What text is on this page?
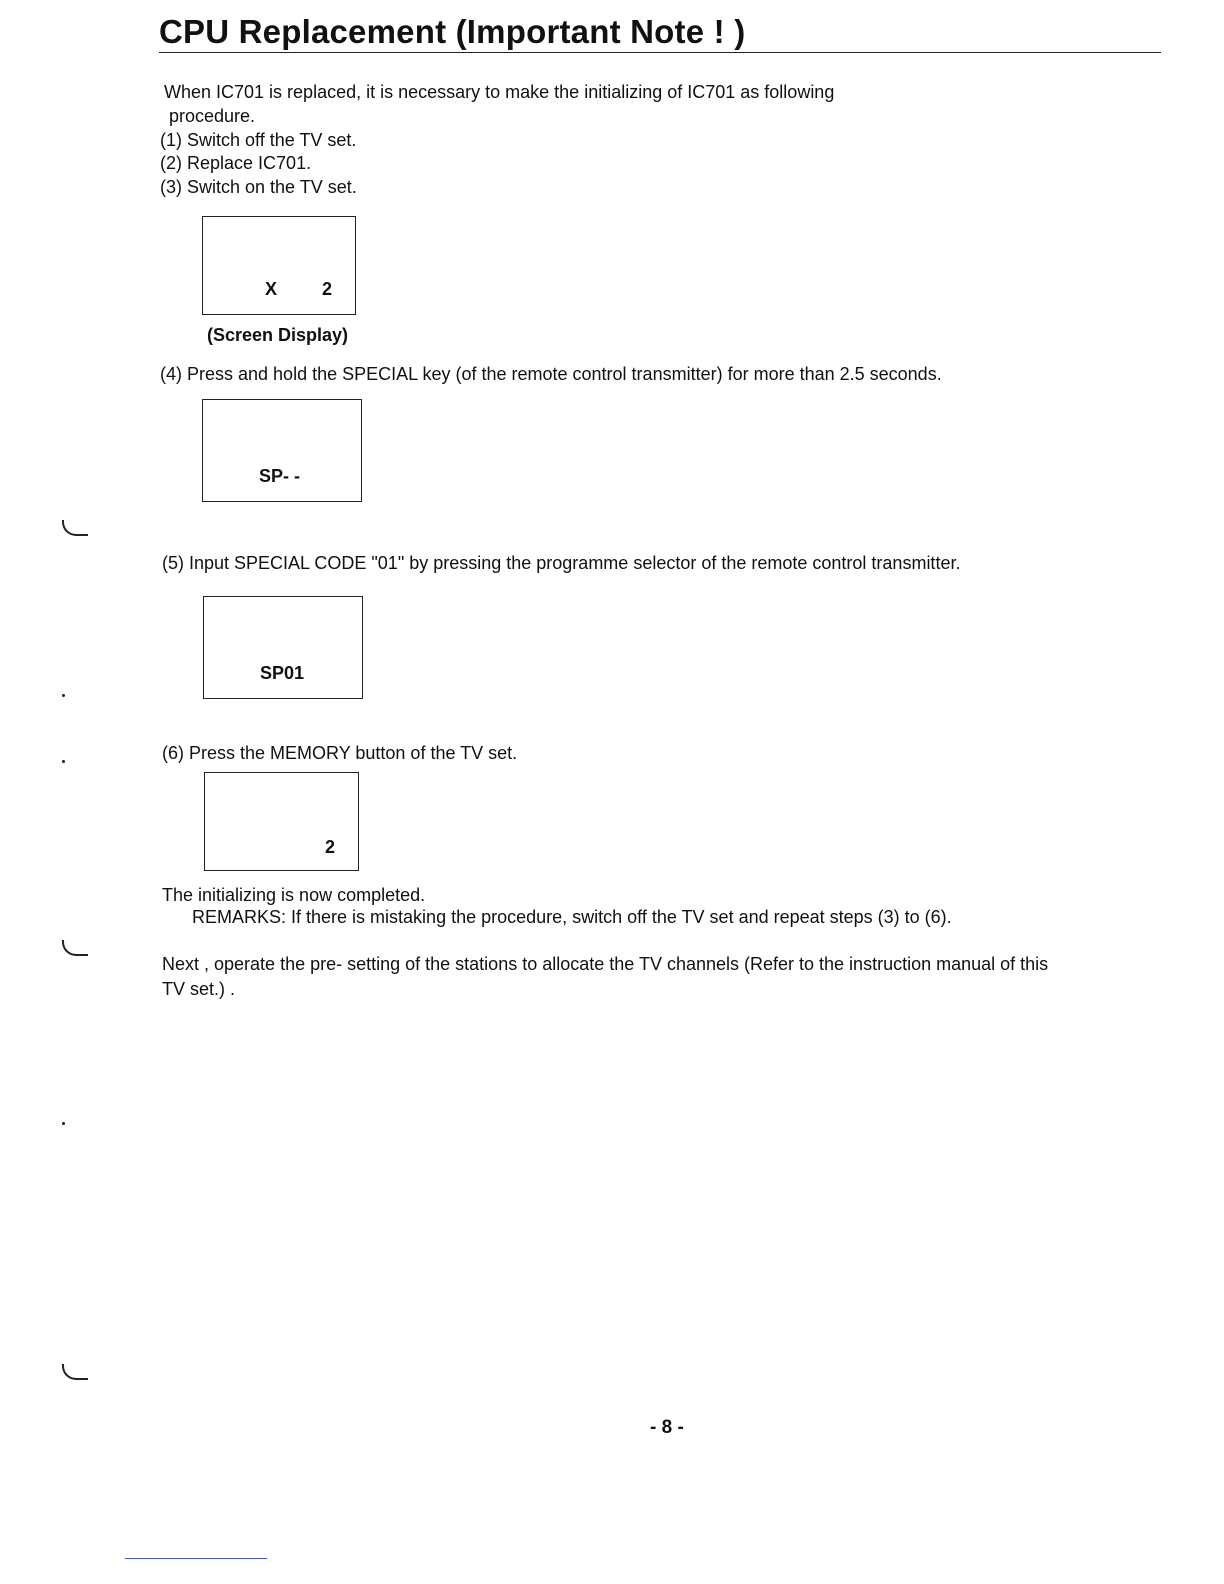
CPU Replacement (Important Note ! )
When IC701 is replaced, it is necessary to make the initializing of IC701 as following
procedure.
(1) Switch off the TV set.
(2) Replace IC701.
(3) Switch on the TV set.
X 2
(Screen Display)
(4) Press and hold the SPECIAL key (of the remote control transmitter) for more than 2.5 seconds.
SP- -
(5) Input SPECIAL CODE "01" by pressing the programme selector of the remote control transmitter.
SP01
(6) Press the MEMORY button of the TV set.
2
The initializing is now completed.
REMARKS: If there is mistaking the procedure, switch off the TV set and repeat steps (3) to (6).
Next , operate the pre- setting of the stations to allocate the TV channels (Refer to the instruction manual of this
TV set.) .
- 8 -
